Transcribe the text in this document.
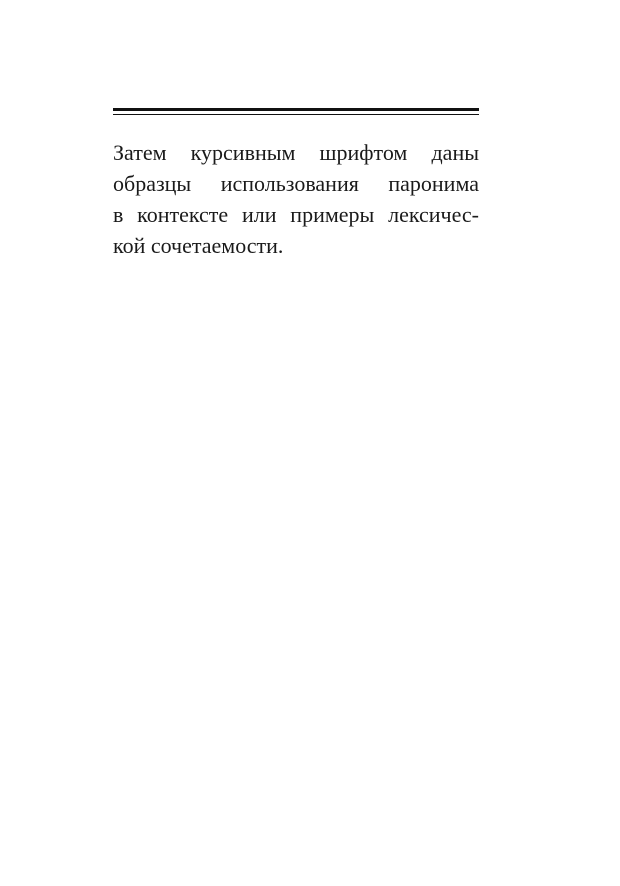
Затем курсивным шрифтом даны
образцы использования паронима
в контексте или примеры лексичес-
кой сочетаемости.
